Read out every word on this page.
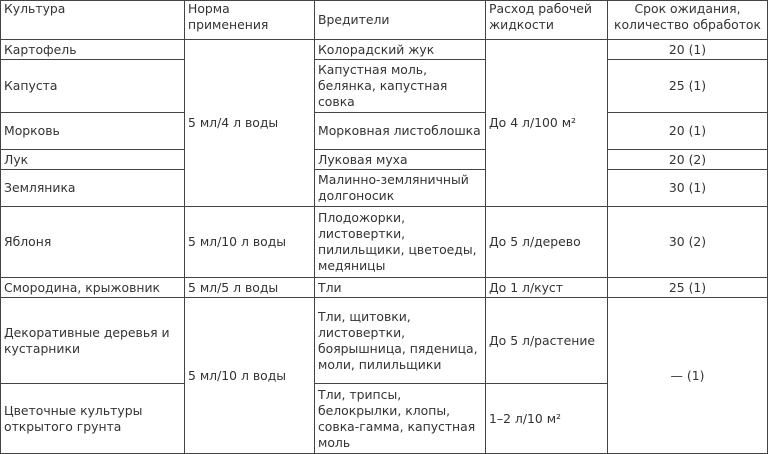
Культура	Норма применения	Вредители	Расход рабочей жидкости	Срок ожидания, количество обработок
Картофель	5 мл/4 л воды	Колорадский жук	До 4 л/100 м²	20 (1)
Капуста		Капустная моль, белянка, капустная совка		25 (1)
Морковь		Морковная листоблошка		20 (1)
Лук		Луковая муха		20 (2)
Земляника		Малинно-земляничный долгоносик		30 (1)
Яблоня	5 мл/10 л воды	Плодожорки, листовертки, пилильщики, цветоеды, медяницы	До 5 л/дерево	30 (2)
Смородина, крыжовник	5 мл/5 л воды	Тли	До 1 л/куст	25 (1)
Декоративные деревья и кустарники	5 мл/10 л воды	Тли, щитовки, листовертки, боярышница, пяденица, моли, пилильщики	До 5 л/растение	— (1)
Цветочные культуры открытого грунта		Тли, трипсы, белокрылки, клопы, совка-гамма, капустная моль	1–2 л/10 м²	
